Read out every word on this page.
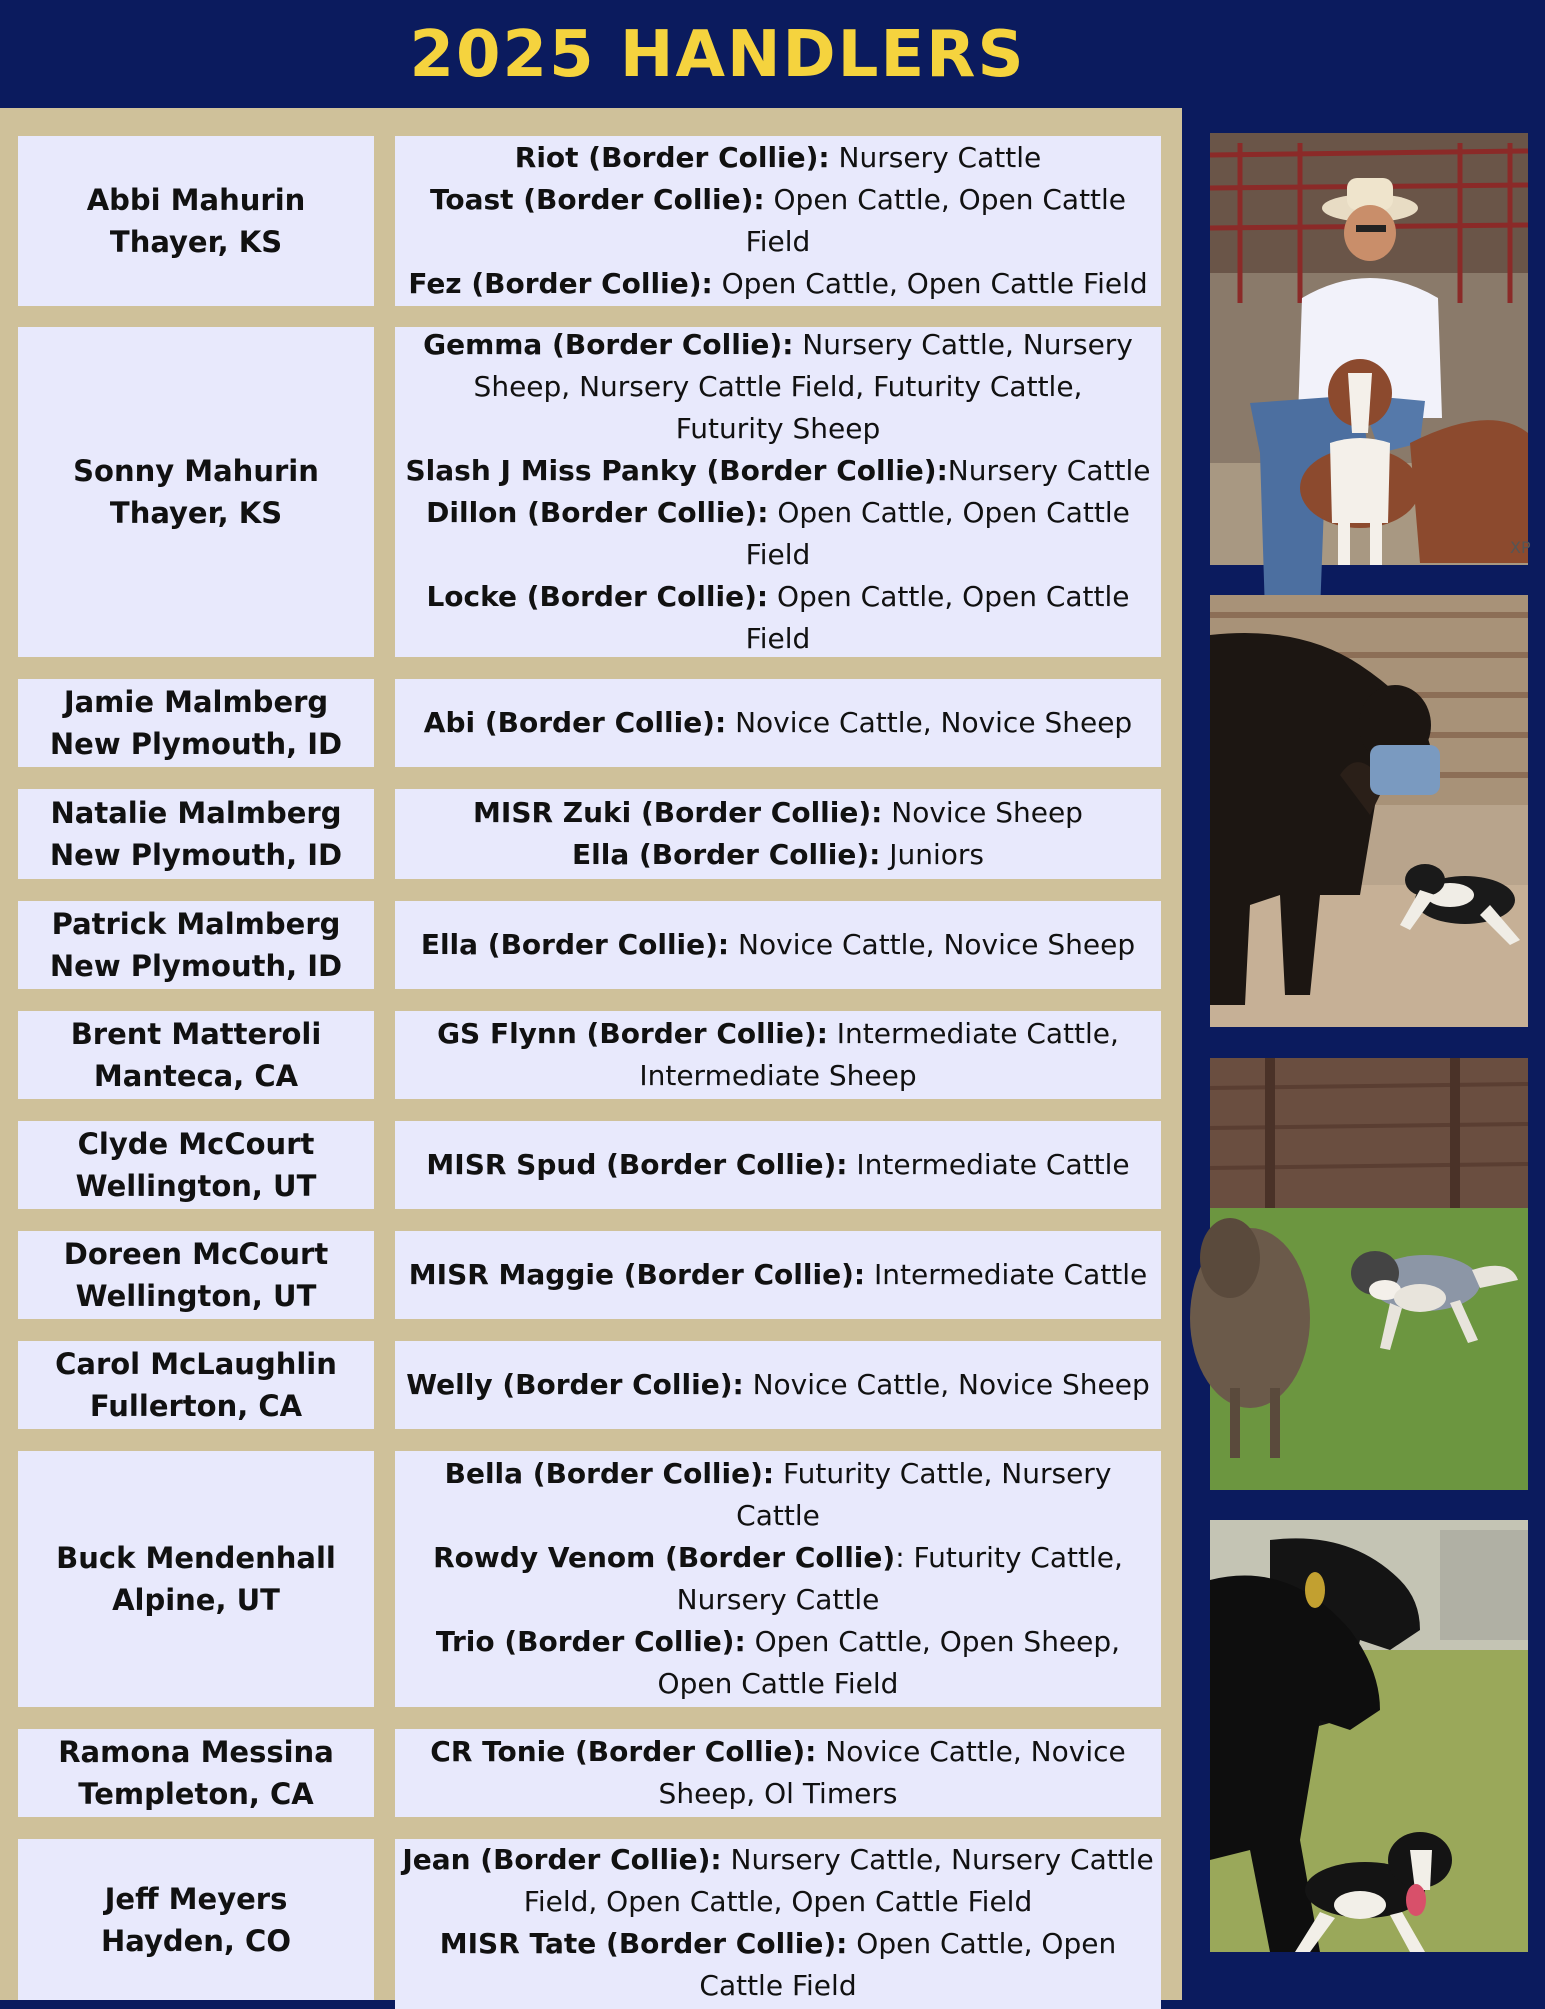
2025 HANDLERS
Abbi Mahurin
Thayer, KS
Riot (Border Collie): Nursery Cattle
Toast (Border Collie): Open Cattle, Open Cattle Field
Fez (Border Collie): Open Cattle, Open Cattle Field
Sonny Mahurin
Thayer, KS
Gemma (Border Collie): Nursery Cattle, Nursery Sheep, Nursery Cattle Field, Futurity Cattle, Futurity Sheep
Slash J Miss Panky (Border Collie):Nursery Cattle
Dillon (Border Collie): Open Cattle, Open Cattle Field
Locke (Border Collie): Open Cattle, Open Cattle Field
Jamie Malmberg
New Plymouth, ID
Abi (Border Collie): Novice Cattle, Novice Sheep
Natalie Malmberg
New Plymouth, ID
MISR Zuki (Border Collie): Novice Sheep
Ella (Border Collie): Juniors
Patrick Malmberg
New Plymouth, ID
Ella (Border Collie): Novice Cattle, Novice Sheep
Brent Matteroli
Manteca, CA
GS Flynn (Border Collie): Intermediate Cattle, Intermediate Sheep
Clyde McCourt
Wellington, UT
MISR Spud (Border Collie): Intermediate Cattle
Doreen McCourt
Wellington, UT
MISR Maggie (Border Collie): Intermediate Cattle
Carol McLaughlin
Fullerton, CA
Welly (Border Collie): Novice Cattle, Novice Sheep
Buck Mendenhall
Alpine, UT
Bella (Border Collie): Futurity Cattle, Nursery Cattle
Rowdy Venom (Border Collie): Futurity Cattle, Nursery Cattle
Trio (Border Collie): Open Cattle, Open Sheep, Open Cattle Field
Ramona Messina
Templeton, CA
CR Tonie (Border Collie): Novice Cattle, Novice Sheep, Ol Timers
Jeff Meyers
Hayden, CO
Jean (Border Collie): Nursery Cattle, Nursery Cattle Field, Open Cattle, Open Cattle Field
MISR Tate (Border Collie): Open Cattle, Open Cattle Field
XP
